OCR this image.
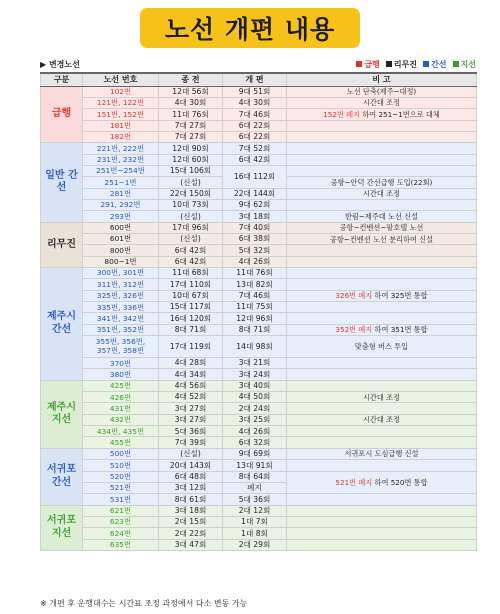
노선 개편 내용
▶ 변경노선	급행 리무진 간선 지선
구분	노선 번호	종 전	개 편	비 고
급행	102번	12대 56회	9대 51회	노선 단축(제주~대정)
	121번, 122번	4대 30회	4대 30회	시간대 조정
	151번, 152번	11대 76회	7대 46회	152번 폐지 하여 251~1번으로 대체
	181번	7대 27회	6대 22회	
	182번	7대 27회	6대 22회	
일반 간선	221번, 222번	12대 90회	7대 52회	
	231번, 232번	12대 60회	6대 42회	
	251번~254번	15대 106회	16대 112회	
	251~1번	(신설)		공항~안덕 간선급행 도입(22회)
	281번	22대 150회	22대 144회	시간대 조정
	291, 292번	10대 73회	9대 62회	
	293번	(신설)	3대 18회	한림~제주대 노선 신설
리무진	600번	17대 96회	7대 40회	공항~컨벤션~팔호텔 노선
	601번	(신설)	6대 38회	공항~컨벤션 노선 분리하여 신설
	800번	6대 42회	5대 32회	
	800~1번	6대 42회	4대 26회	
제주시 간선	300번, 301번	11대 68회	11대 76회	
	311번, 312번	17대 110회	13대 82회	
	325번, 326번	10대 67회	7대 46회	326번 폐지 하여 325번 통합
	335번, 336번	15대 117회	11대 75회	
	341번, 342번	16대 120회	12대 96회	
	351번, 352번	8대 71회	8대 71회	352번 폐지 하여 351번 통합

	355번, 356번,
357번, 358번	17대 119회	14대 98회	맞춤형 버스 투입
	370번	4대 28회	3대 21회	
	380번	4대 34회	3대 24회	
제주시 지선	425번	4대 56회	3대 40회	
	426번	4대 52회	4대 50회	시간대 조정
	431번	3대 27회	2대 24회	
	432번	3대 27회	3대 25회	시간대 조정
	434번, 435번	5대 36회	4대 26회	
	455번	7대 39회	6대 32회	
서귀포 간선	500번	(신설)	9대 69회	서귀포시 도심급행 신설
	510번	20대 143회	13대 91회	
	520번	6대 48회	8대 64회	521번 폐지 하여 520번 통합
	521번	3대 12회	폐지	
	531번	8대 61회	5대 36회	
서귀포 지선	621번	3대 18회	2대 12회	
	623번	2대 15회	1대 7회	
	624번	2대 22회	1대 8회	
	635번	3대 47회	2대 29회	
※ 개편 후 운행대수는 시간표 조정 과정에서 다소 변동 가능
